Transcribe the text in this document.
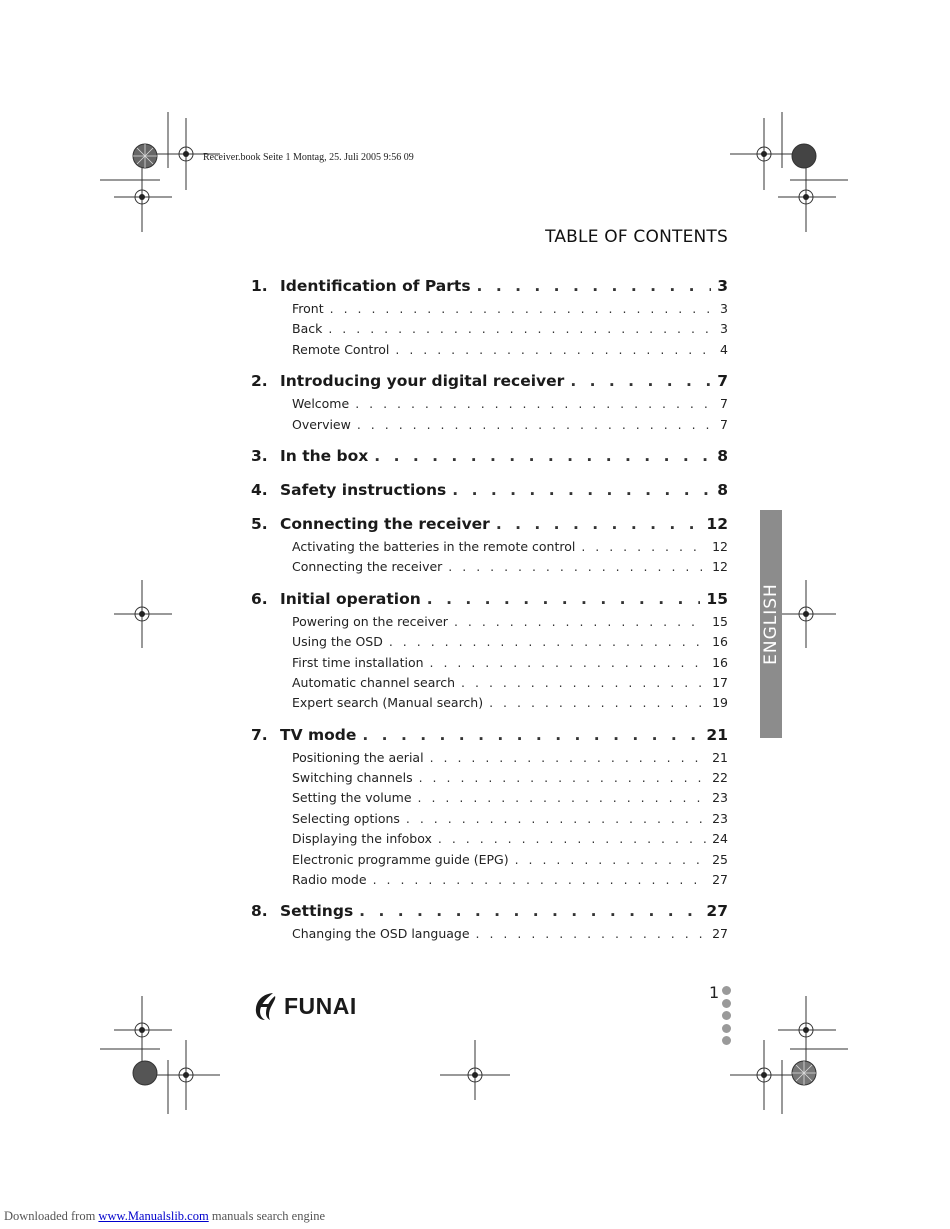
Receiver.book Seite 1 Montag, 25. Juli 2005 9:56 09
TABLE OF CONTENTS
1. Identification of Parts . . .	3
Front . . .	3
Back . . .	3
Remote Control . . .	4
2. Introducing your digital receiver . . .	7
Welcome . . .	7
Overview . . .	7
3. In the box . . .	8
4. Safety instructions . . .	8
5. Connecting the receiver . . .	12
Activating the batteries in the remote control . . .	12
Connecting the receiver . . .	12
6. Initial operation . . .	15
Powering on the receiver . . .	15
Using the OSD . . .	16
First time installation . . .	16
Automatic channel search . . .	17
Expert search (Manual search) . . .	19
7. TV mode . . .	21
Positioning the aerial . . .	21
Switching channels . . .	22
Setting the volume . . .	23
Selecting options . . .	23
Displaying the infobox . . .	24
Electronic programme guide (EPG) . . .	25
Radio mode . . .	27
8. Settings . . .	27
Changing the OSD language . . .	27
ENGLISH
FUNAI	1
Downloaded from www.Manualslib.com manuals search engine
